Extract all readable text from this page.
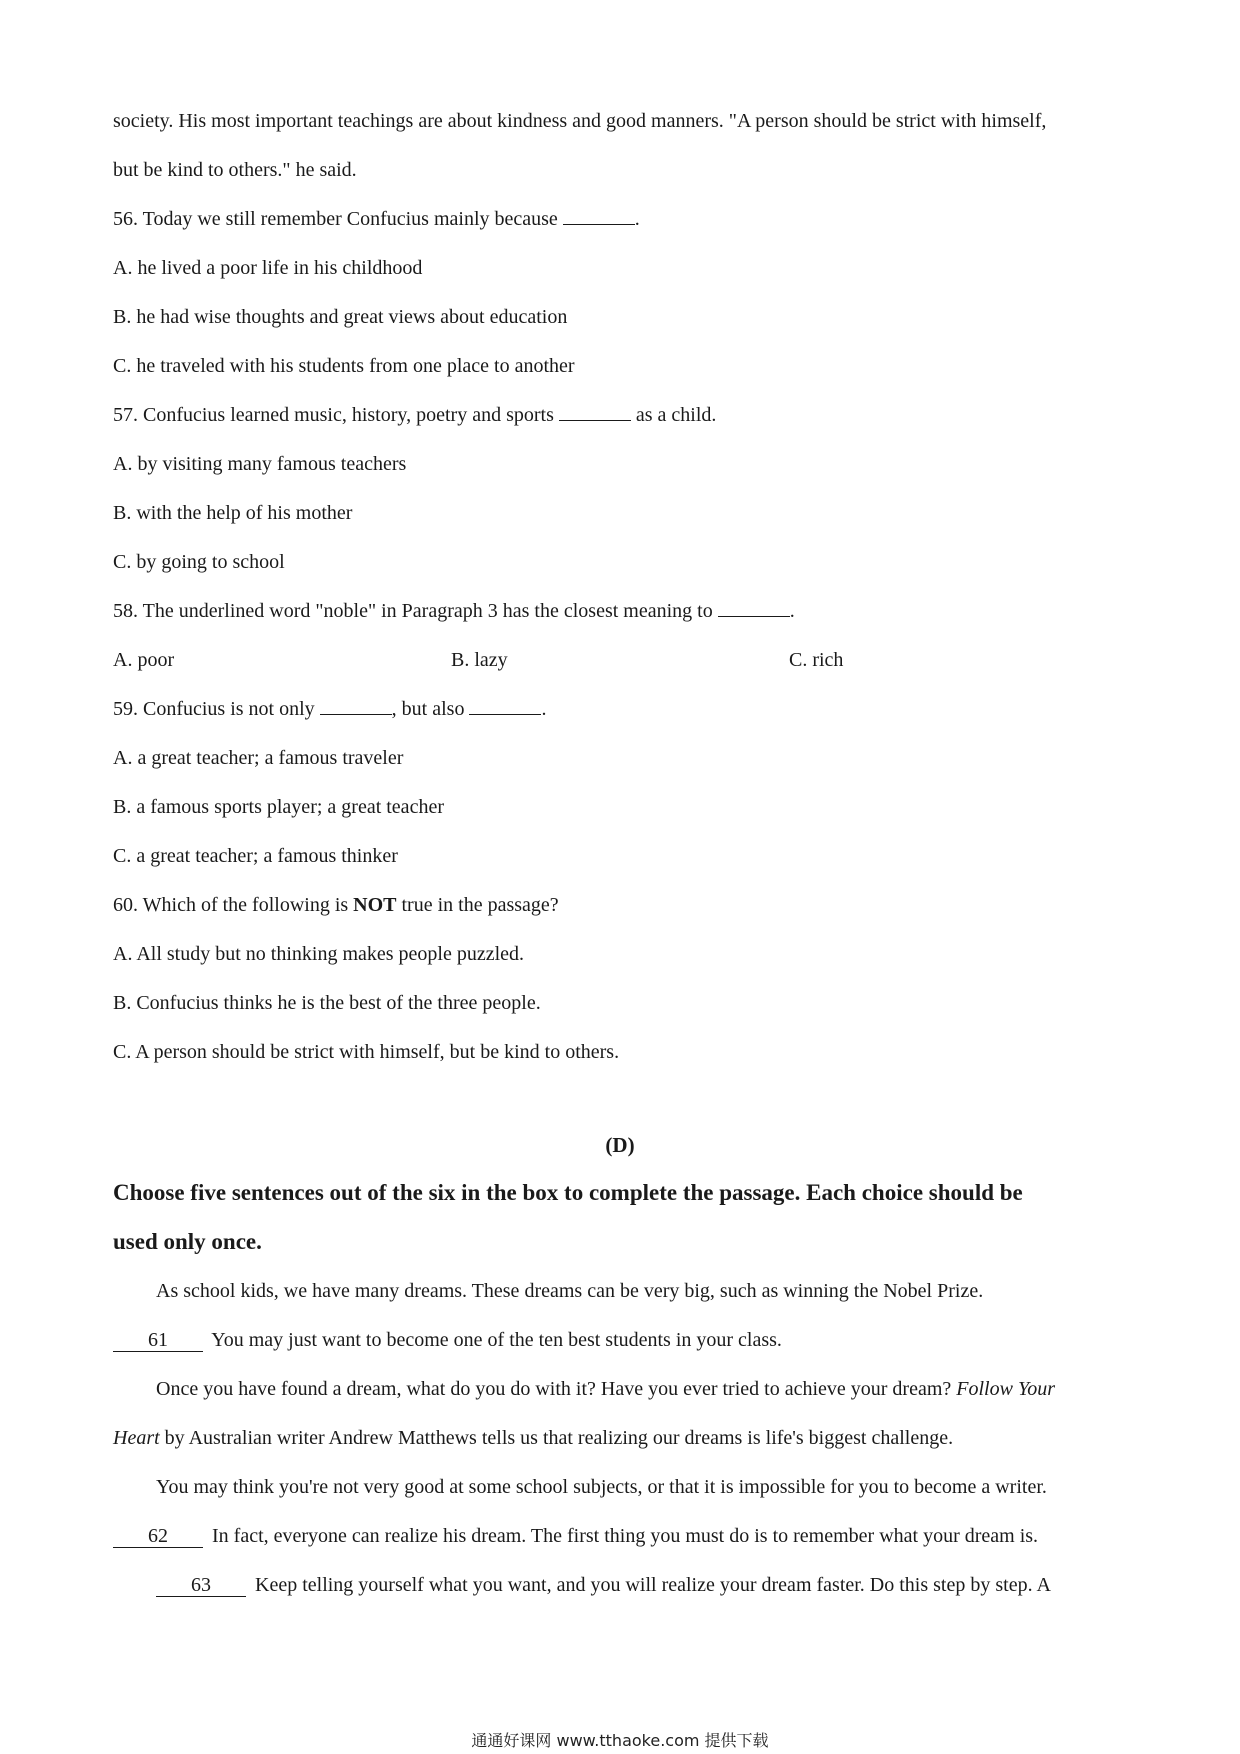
society. His most important teachings are about kindness and good manners. "A person should be strict with himself,
but be kind to others." he said.
56. Today we still remember Confucius mainly because	.
A. he lived a poor life in his childhood
B. he had wise thoughts and great views about education
C. he traveled with his students from one place to another
57. Confucius learned music, history, poetry and sports	as a child.
A. by visiting many famous teachers
B. with the help of his mother
C. by going to school
58. The underlined word "noble" in Paragraph 3 has the closest meaning to	.
A. poor	B. lazy	C. rich
59. Confucius is not only	, but also	.
A. a great teacher; a famous traveler
B. a famous sports player; a great teacher
C. a great teacher; a famous thinker
60. Which of the following is NOT true in the passage?
A. All study but no thinking makes people puzzled.
B. Confucius thinks he is the best of the three people.
C. A person should be strict with himself, but be kind to others.
(D)
Choose five sentences out of the six in the box to complete the passage. Each choice should be
used only once.
As school kids, we have many dreams. These dreams can be very big, such as winning the Nobel Prize.
61 You may just want to become one of the ten best students in your class.
Once you have found a dream, what do you do with it? Have you ever tried to achieve your dream? Follow Your
Heart by Australian writer Andrew Matthews tells us that realizing our dreams is life's biggest challenge.
You may think you're not very good at some school subjects, or that it is impossible for you to become a writer.
62 In fact, everyone can realize his dream. The first thing you must do is to remember what your dream is.
63 Keep telling yourself what you want, and you will realize your dream faster. Do this step by step. A
通通好课网 www.tthaoke.com 提供下载
